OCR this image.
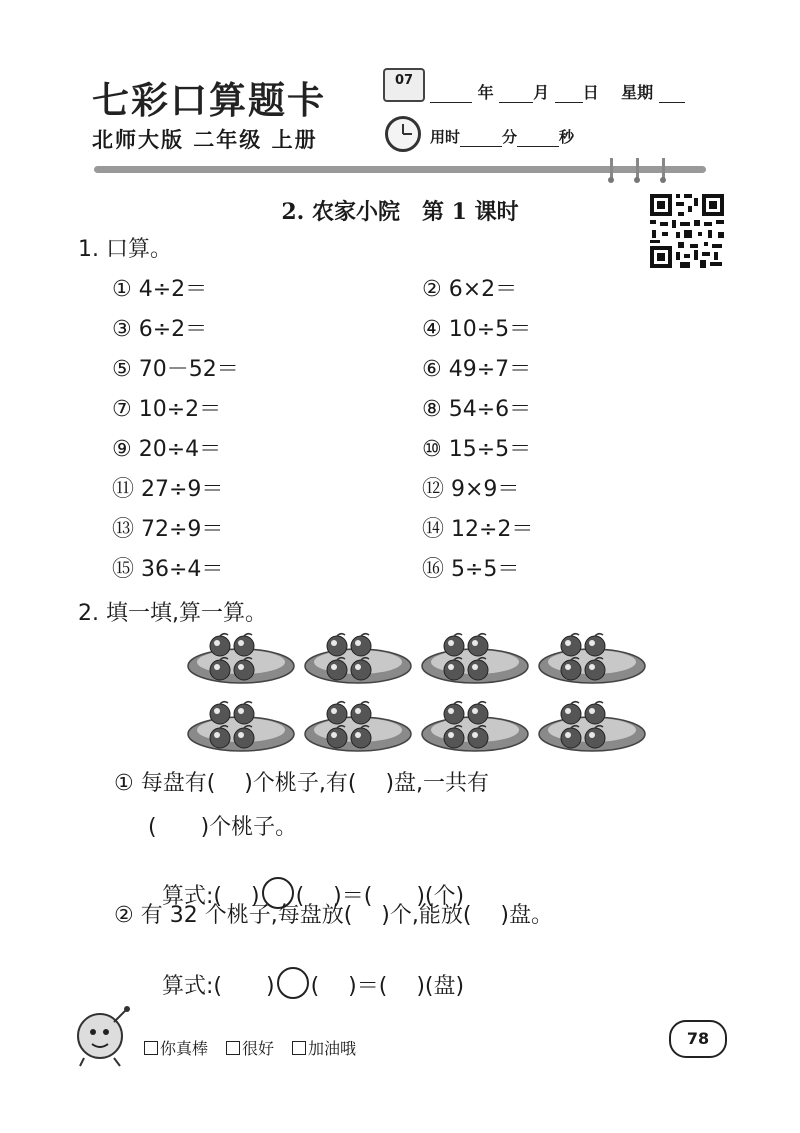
七彩口算题卡
北师大版 二年级 上册
07
年 月 日 星期
用时	分	秒
2. 农家小院　第 1 课时
1. 口算。
① 4÷2＝	② 6×2＝
③ 6÷2＝	④ 10÷5＝
⑤ 70－52＝	⑥ 49÷7＝
⑦ 10÷2＝	⑧ 54÷6＝
⑨ 20÷4＝	⑩ 15÷5＝
⑪ 27÷9＝	⑫ 9×9＝
⑬ 72÷9＝	⑭ 12÷2＝
⑮ 36÷4＝	⑯ 5÷5＝
2. 填一填,算一算。
① 每盘有(　 )个桃子,有(　 )盘,一共有
(　　)个桃子。

算式:(　 ) (　 )＝(　　)(个)

② 有 32 个桃子,每盘放(　 )个,能放(　 )盘。

算式:(　　) (　 )＝(　 )(盘)

你真棒 很好 加油哦
78
